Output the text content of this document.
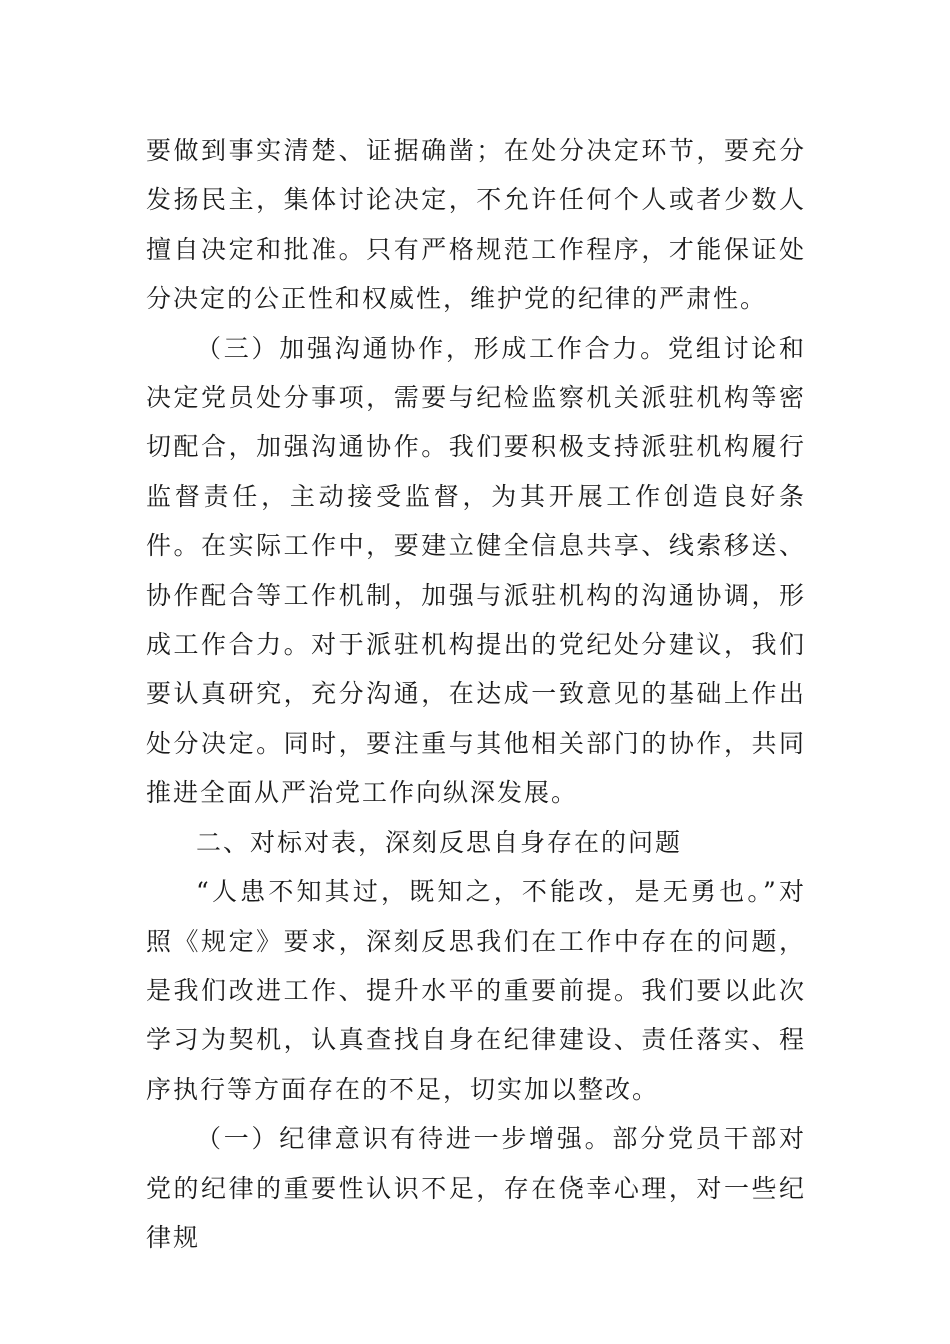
要做到事实清楚、证据确凿；在处分决定环节，要充分发扬民主，集体讨论决定，不允许任何个人或者少数人擅自决定和批准。只有严格规范工作程序，才能保证处分决定的公正性和权威性，维护党的纪律的严肃性。

（三）加强沟通协作，形成工作合力。党组讨论和决定党员处分事项，需要与纪检监察机关派驻机构等密切配合，加强沟通协作。我们要积极支持派驻机构履行监督责任，主动接受监督，为其开展工作创造良好条件。在实际工作中，要建立健全信息共享、线索移送、协作配合等工作机制，加强与派驻机构的沟通协调，形成工作合力。对于派驻机构提出的党纪处分建议，我们要认真研究，充分沟通，在达成一致意见的基础上作出处分决定。同时，要注重与其他相关部门的协作，共同推进全面从严治党工作向纵深发展。

二、对标对表，深刻反思自身存在的问题

“人患不知其过，既知之，不能改，是无勇也。”对照《规定》要求，深刻反思我们在工作中存在的问题，是我们改进工作、提升水平的重要前提。我们要以此次学习为契机，认真查找自身在纪律建设、责任落实、程序执行等方面存在的不足，切实加以整改。

（一）纪律意识有待进一步增强。部分党员干部对党的纪律的重要性认识不足，存在侥幸心理，对一些纪律规
